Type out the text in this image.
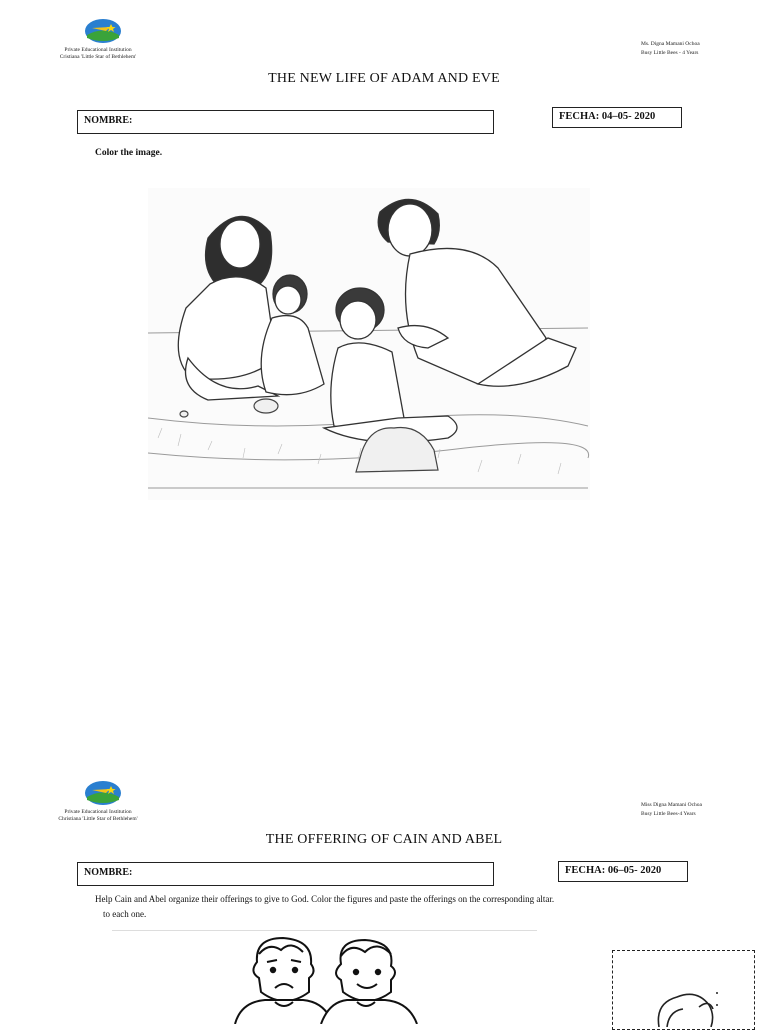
Private Educational Institution
Cristiana 'Little Star of Bethlehem'
Ms. Digna Mamani Ochoa
Busy Little Bees - 4 Years
THE NEW LIFE OF ADAM AND EVE
NOMBRE:	FECHA: 04–05- 2020
Color the image.
Private Educational Institution
Christiana 'Little Star of Bethlehem'
Miss Digna Mamani Ochoa
Busy Little Bees-4 Years
THE OFFERING OF CAIN AND ABEL
NOMBRE:	FECHA: 06–05- 2020
Help Cain and Abel organize their offerings to give to God. Color the figures and paste the offerings on the corresponding altar.
to each one.
